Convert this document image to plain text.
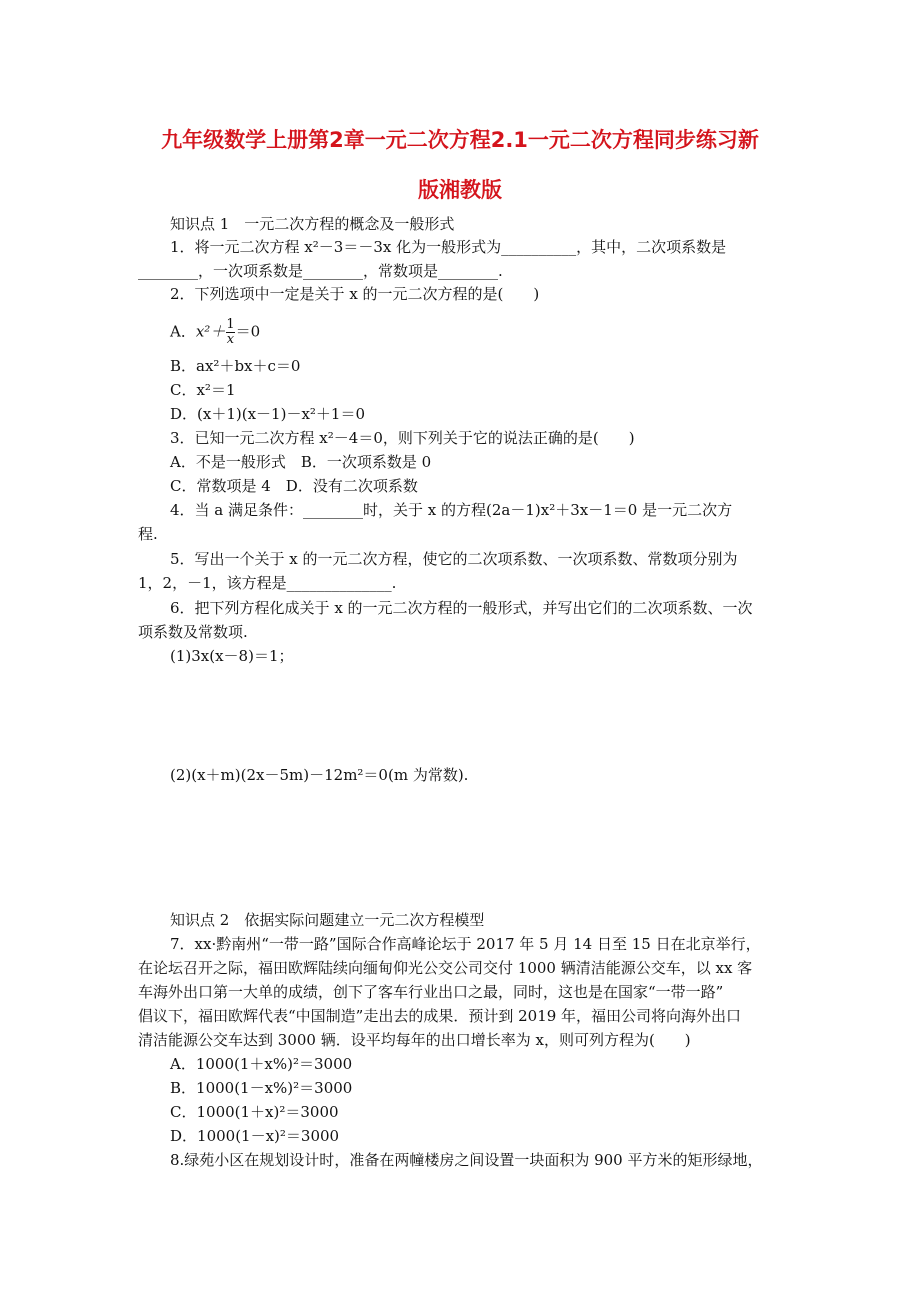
九年级数学上册第2章一元二次方程2.1一元二次方程同步练习新
版湘教版
知识点 1　一元二次方程的概念及一般形式
1．将一元二次方程 x²－3＝－3x 化为一般形式为__________，其中，二次项系数是
________，一次项系数是________，常数项是________.
2．下列选项中一定是关于 x 的一元二次方程的是(　　)
A．$x^2+ \frac{1}{x} =0$
B．ax²＋bx＋c＝0
C．x²＝1
D．(x＋1)(x－1)－x²＋1＝0
3．已知一元二次方程 x²－4＝0，则下列关于它的说法正确的是(　　)
A．不是一般形式　B．一次项系数是 0
C．常数项是 4　D．没有二次项系数
4．当 a 满足条件：________时，关于 x 的方程(2a－1)x²＋3x－1＝0 是一元二次方
程.
5．写出一个关于 x 的一元二次方程，使它的二次项系数、一次项系数、常数项分别为
1，2，－1，该方程是______________.
6．把下列方程化成关于 x 的一元二次方程的一般形式，并写出它们的二次项系数、一次
项系数及常数项.
(1)3x(x－8)＝1；
(2)(x＋m)(2x－5m)－12m²＝0(m 为常数).
知识点 2　依据实际问题建立一元二次方程模型
7．xx·黔南州“一带一路”国际合作高峰论坛于 2017 年 5 月 14 日至 15 日在北京举行，
在论坛召开之际，福田欧辉陆续向缅甸仰光公交公司交付 1000 辆清洁能源公交车，以 xx 客
车海外出口第一大单的成绩，创下了客车行业出口之最，同时，这也是在国家“一带一路”
倡议下，福田欧辉代表“中国制造”走出去的成果．预计到 2019 年，福田公司将向海外出口
清洁能源公交车达到 3000 辆．设平均每年的出口增长率为 x，则可列方程为(　　)
A．1000(1＋x%)²＝3000
B．1000(1－x%)²＝3000
C．1000(1＋x)²＝3000
D．1000(1－x)²＝3000
8.绿苑小区在规划设计时，准备在两幢楼房之间设置一块面积为 900 平方米的矩形绿地，
